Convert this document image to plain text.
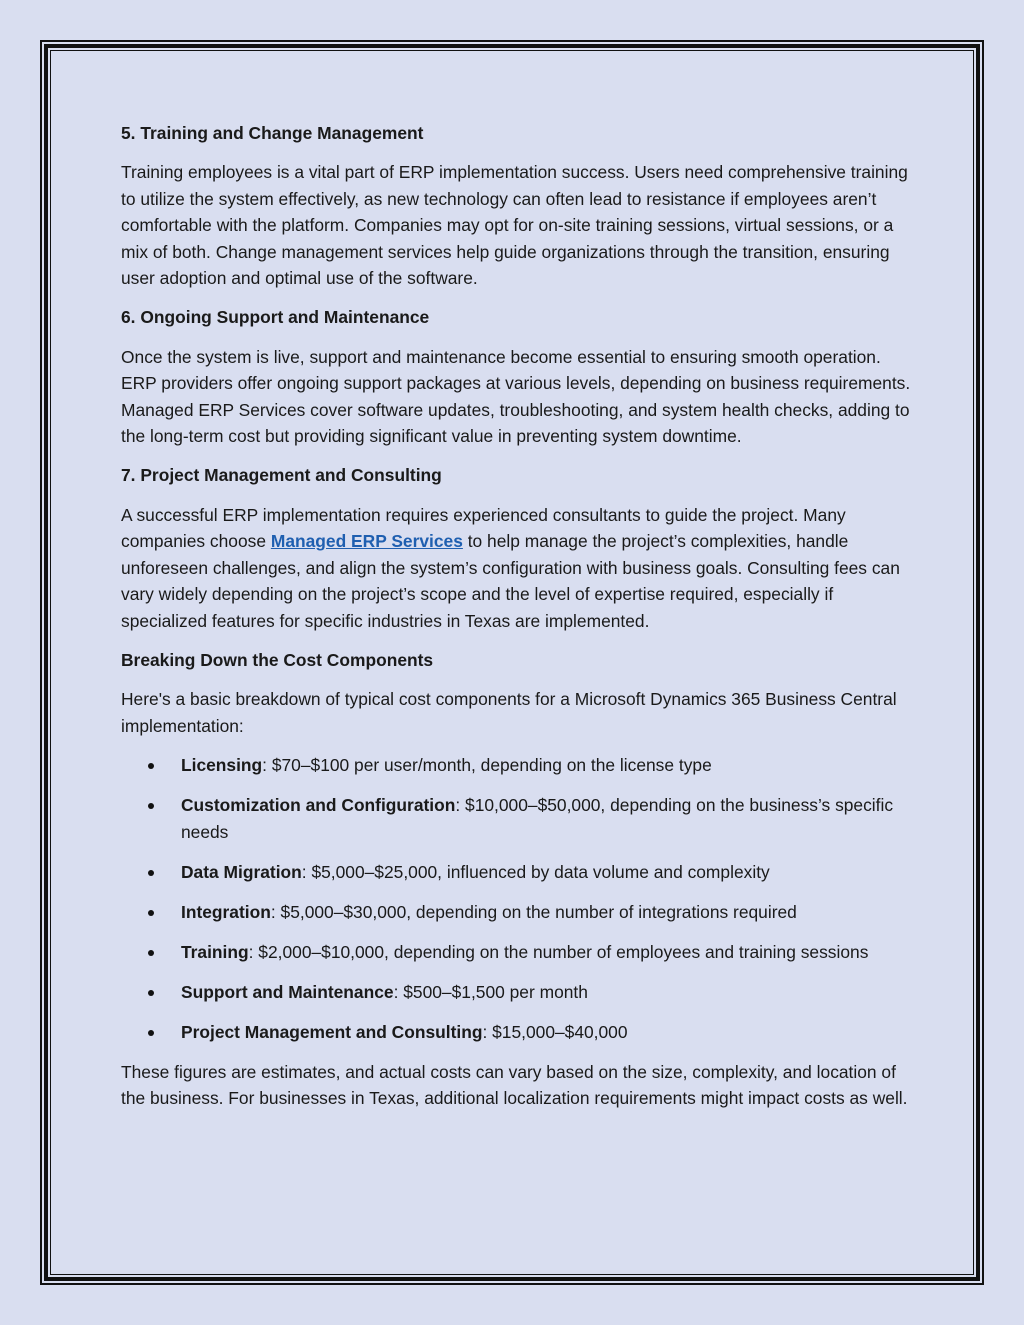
5. Training and Change Management

Training employees is a vital part of ERP implementation success. Users need comprehensive training to utilize the system effectively, as new technology can often lead to resistance if employees aren’t comfortable with the platform. Companies may opt for on-site training sessions, virtual sessions, or a mix of both. Change management services help guide organizations through the transition, ensuring user adoption and optimal use of the software.

6. Ongoing Support and Maintenance

Once the system is live, support and maintenance become essential to ensuring smooth operation. ERP providers offer ongoing support packages at various levels, depending on business requirements. Managed ERP Services cover software updates, troubleshooting, and system health checks, adding to the long-term cost but providing significant value in preventing system downtime.

7. Project Management and Consulting

A successful ERP implementation requires experienced consultants to guide the project. Many companies choose Managed ERP Services to help manage the project’s complexities, handle unforeseen challenges, and align the system’s configuration with business goals. Consulting fees can vary widely depending on the project’s scope and the level of expertise required, especially if specialized features for specific industries in Texas are implemented.

Breaking Down the Cost Components

Here's a basic breakdown of typical cost components for a Microsoft Dynamics 365 Business Central implementation:

Licensing: $70–$100 per user/month, depending on the license type
Customization and Configuration: $10,000–$50,000, depending on the business’s specific needs
Data Migration: $5,000–$25,000, influenced by data volume and complexity
Integration: $5,000–$30,000, depending on the number of integrations required
Training: $2,000–$10,000, depending on the number of employees and training sessions
Support and Maintenance: $500–$1,500 per month
Project Management and Consulting: $15,000–$40,000

These figures are estimates, and actual costs can vary based on the size, complexity, and location of the business. For businesses in Texas, additional localization requirements might impact costs as well.
